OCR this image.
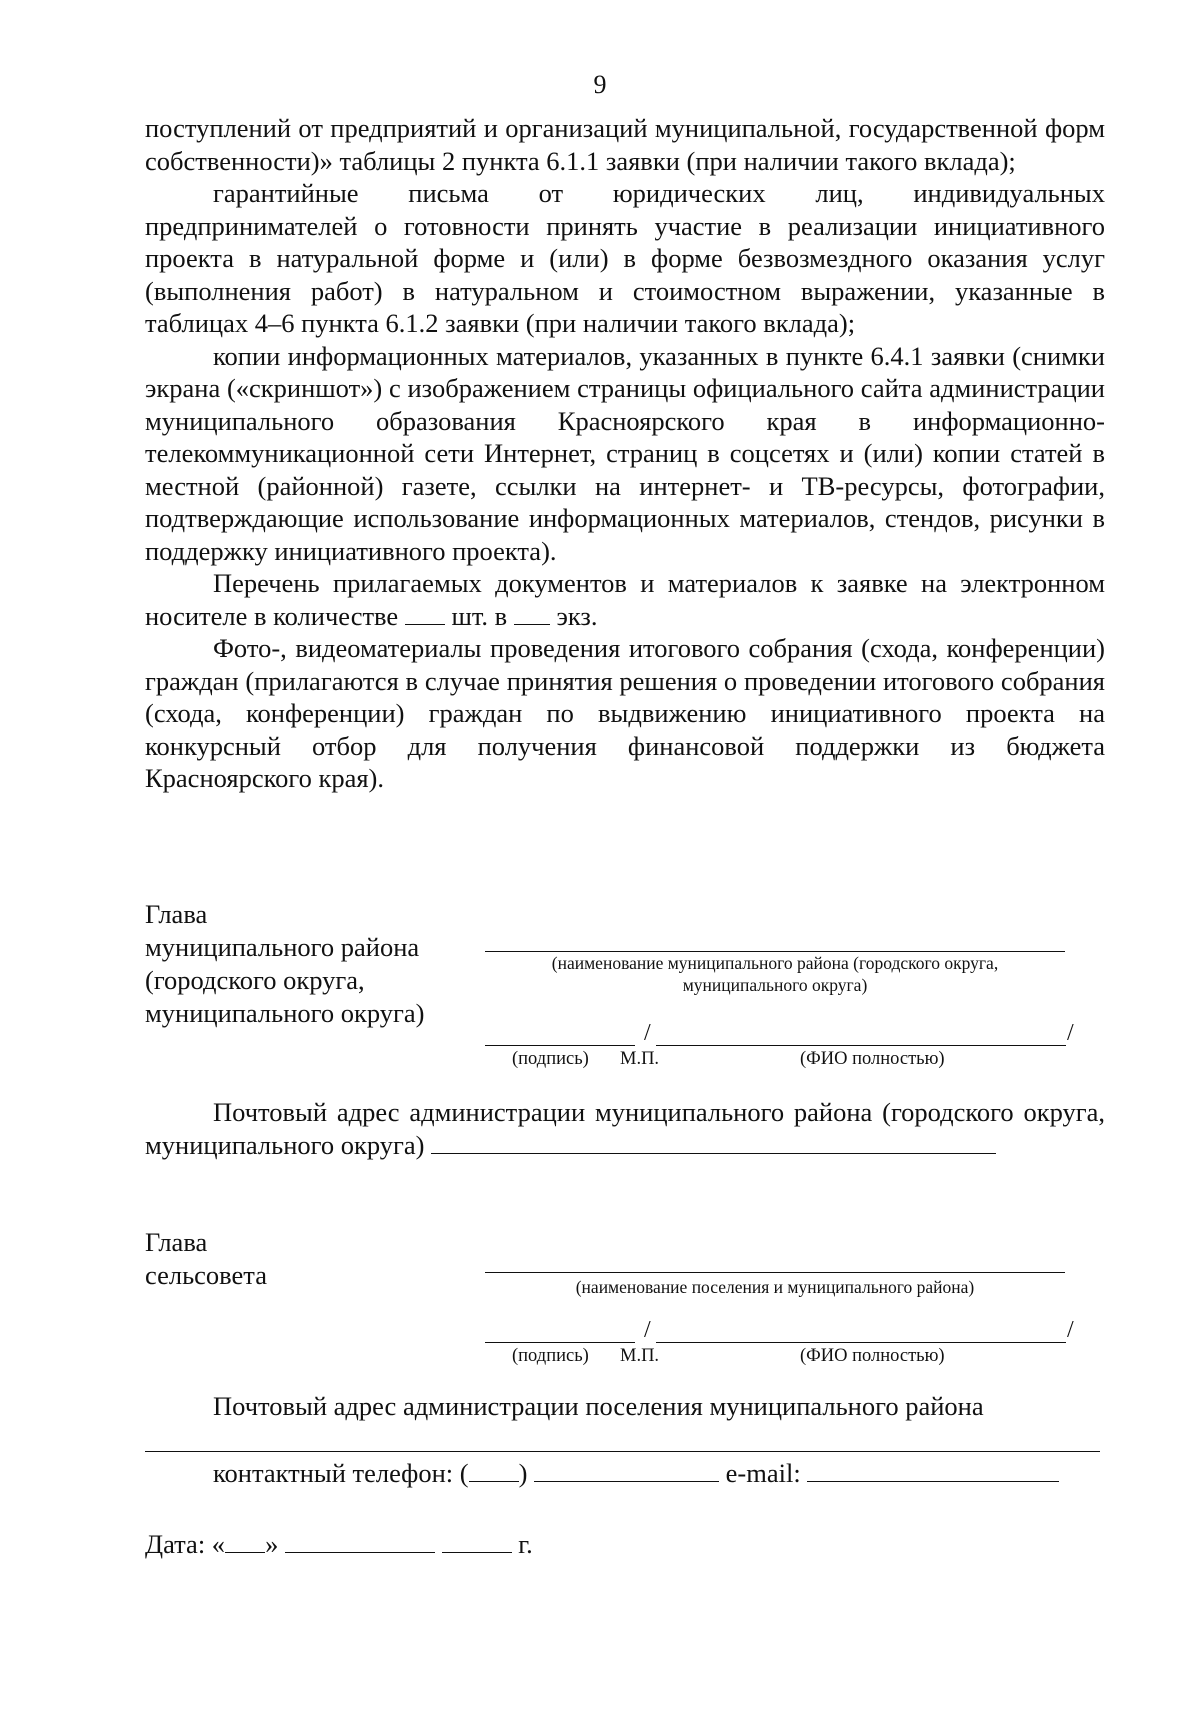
9

поступлений от предприятий и организаций муниципальной, государственной форм собственности)» таблицы 2 пункта 6.1.1 заявки (при наличии такого вклада);

гарантийные письма от юридических лиц, индивидуальных предпринимателей о готовности принять участие в реализации инициативного проекта в натуральной форме и (или) в форме безвозмездного оказания услуг (выполнения работ) в натуральном и стоимостном выражении, указанные в таблицах 4–6 пункта 6.1.2 заявки (при наличии такого вклада);

копии информационных материалов, указанных в пункте 6.4.1 заявки (снимки экрана («скриншот») с изображением страницы официального сайта администрации муниципального образования Красноярского края в информационно-телекоммуникационной сети Интернет, страниц в соцсетях и (или) копии статей в местной (районной) газете, ссылки на интернет- и ТВ-ресурсы, фотографии, подтверждающие использование информационных материалов, стендов, рисунки в поддержку инициативного проекта).

Перечень прилагаемых документов и материалов к заявке на электронном носителе в количестве шт. в экз.

Фото-, видеоматериалы проведения итогового собрания (схода, конференции) граждан (прилагаются в случае принятия решения о проведении итогового собрания (схода, конференции) граждан по выдвижению инициативного проекта на конкурсный отбор для получения финансовой поддержки из бюджета Красноярского края).

Глава
муниципального района
(городского округа,
муниципального округа)
(наименование муниципального района (городского округа,
муниципального округа)
/	/
(подпись) М.П.	(ФИО полностью)
Почтовый адрес администрации муниципального района (городского округа, муниципального округа)
Глава
сельсовета	(наименование поселения и муниципального района)
/	/
(подпись) М.П.	(ФИО полностью)
Почтовый адрес администрации поселения муниципального района
контактный телефон: ( )	e-mail:
Дата: « »	г.
